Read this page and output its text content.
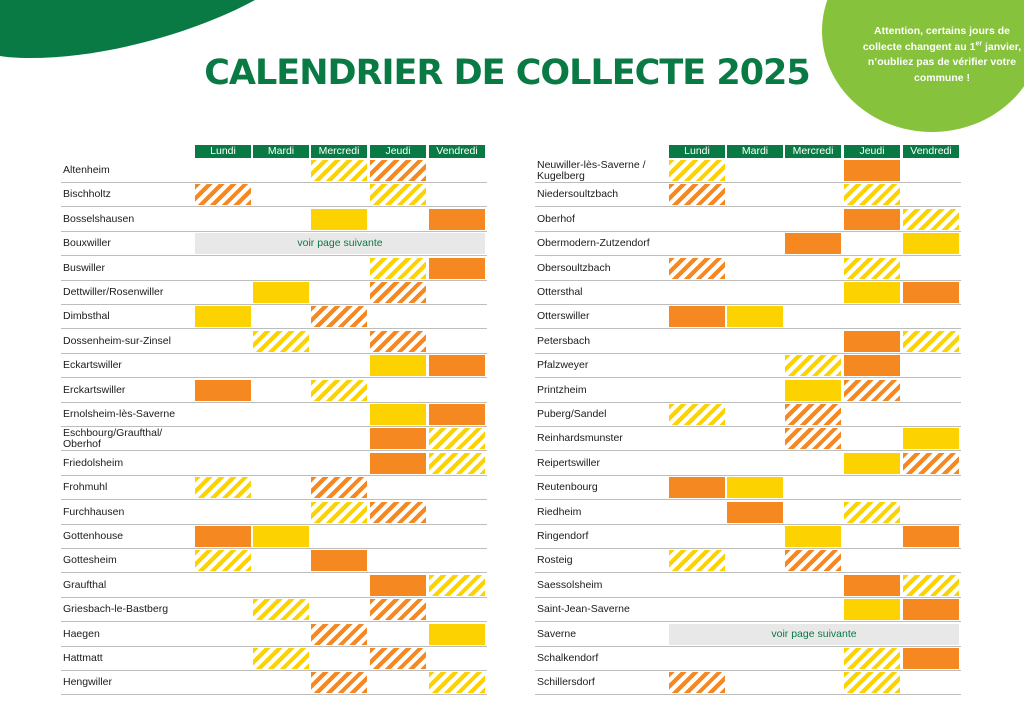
CALENDRIER DE COLLECTE 2025
Attention, certains jours de collecte changent au 1er janvier, n’oubliez pas de vérifier votre commune !
Lundi	Mardi	Mercredi	Jeudi	Vendredi
Altenheim
Bischholtz
Bosselshausen
Bouxwiller	voir page suivante
Buswiller
Dettwiller/Rosenwiller
Dimbsthal
Dossenheim-sur-Zinsel
Eckartswiller
Erckartswiller
Ernolsheim-lès-Saverne
Eschbourg/Graufthal/ Oberhof
Friedolsheim
Frohmuhl
Furchhausen
Gottenhouse
Gottesheim
Graufthal
Griesbach-le-Bastberg
Haegen
Hattmatt
Hengwiller
Lundi	Mardi	Mercredi	Jeudi	Vendredi
Neuwiller-lès-Saverne / Kugelberg
Niedersoultzbach
Oberhof
Obermodern-Zutzendorf
Obersoultzbach
Ottersthal
Otterswiller
Petersbach
Pfalzweyer
Printzheim
Puberg/Sandel
Reinhardsmunster
Reipertswiller
Reutenbourg
Riedheim
Ringendorf
Rosteig
Saessolsheim
Saint-Jean-Saverne
Saverne	voir page suivante
Schalkendorf
Schillersdorf
